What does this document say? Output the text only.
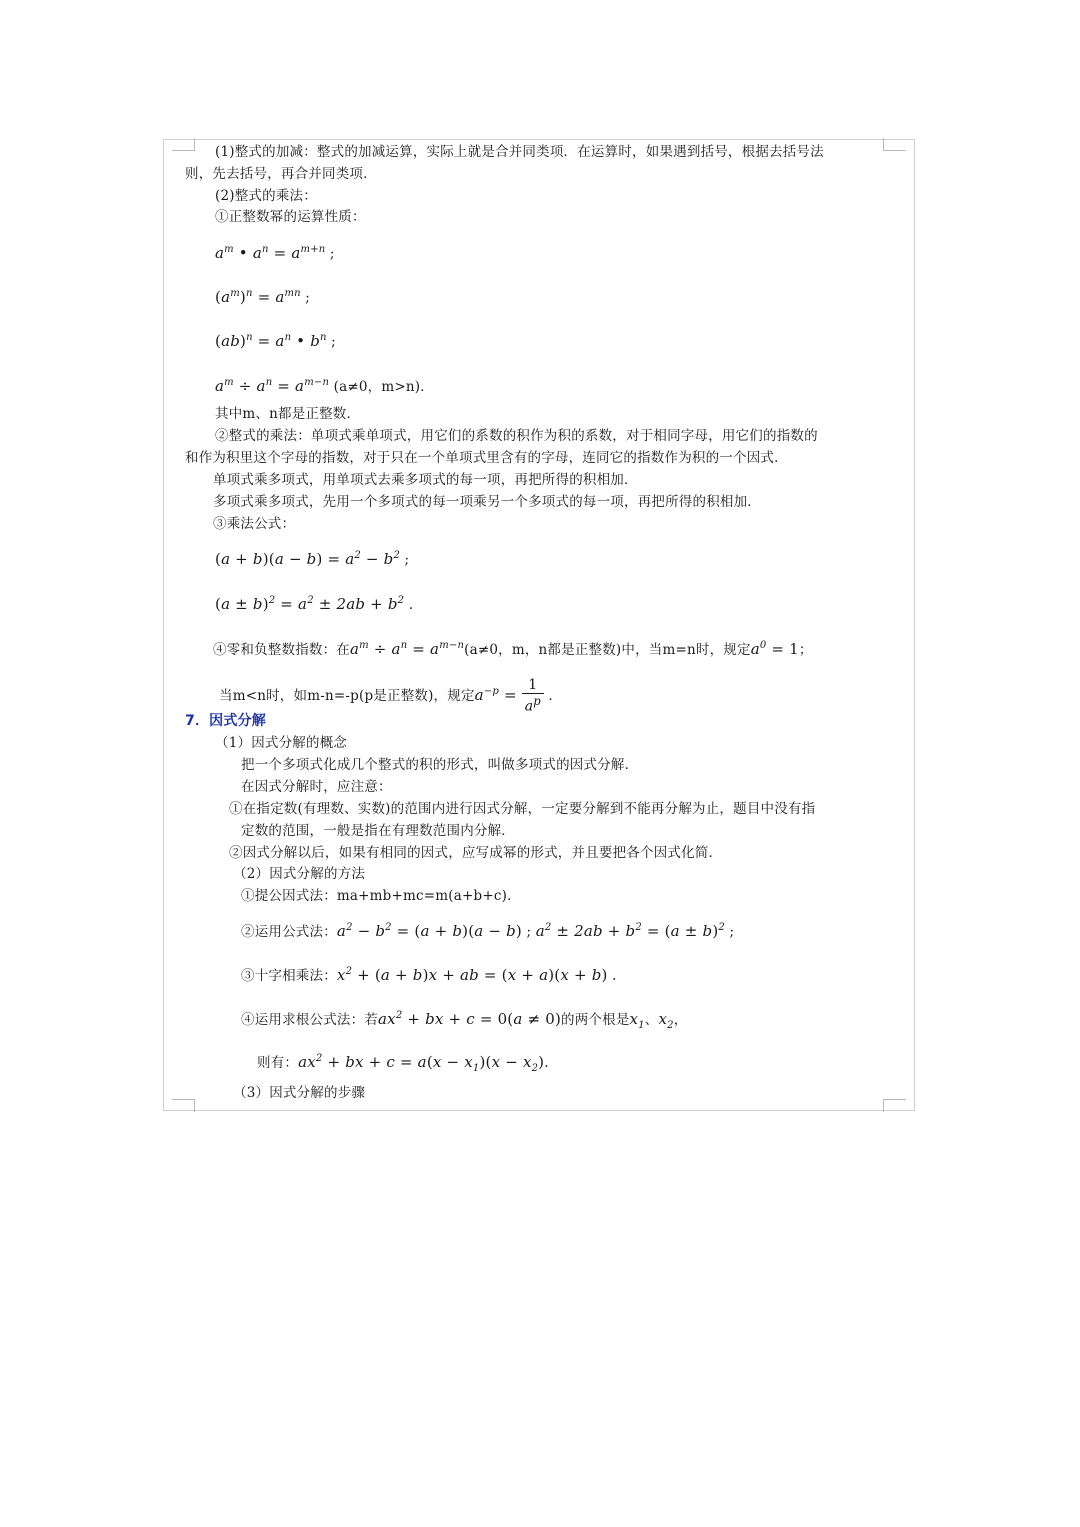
(1)整式的加减：整式的加减运算，实际上就是合并同类项．在运算时，如果遇到括号，根据去括号法
则，先去括号，再合并同类项．
(2)整式的乘法：
①正整数幂的运算性质：
$a^m$ • $a^n = a^{m+n}$ ;
$(a^m)^n = a^{mn}$ ;
$(ab)^n = a^n$ • $b^n$ ;
$a^m \div a^n = a^{m-n}$ (a≠0，m>n)．
其中m、n都是正整数．
②整式的乘法：单项式乘单项式，用它们的系数的积作为积的系数，对于相同字母，用它们的指数的
和作为积里这个字母的指数，对于只在一个单项式里含有的字母，连同它的指数作为积的一个因式．
单项式乘多项式，用单项式去乘多项式的每一项，再把所得的积相加．
多项式乘多项式，先用一个多项式的每一项乘另一个多项式的每一项，再把所得的积相加．
③乘法公式：
$(a + b)(a - b) = a^2 - b^2$ ;
$(a \pm b)^2 = a^2 \pm 2ab + b^2$ .
④零和负整数指数：在$a^m \div a^n = a^{m-n}(a\ne 0$，m，n都是正整数)中，当m=n时，规定$a^0 = 1$；
当m<n时，如m-n=-p(p是正整数)，规定$a^{-p} = \frac{1}{a^p}$ ．
7．因式分解
（1）因式分解的概念
把一个多项式化成几个整式的积的形式，叫做多项式的因式分解．
在因式分解时，应注意：
①在指定数(有理数、实数)的范围内进行因式分解，一定要分解到不能再分解为止，题目中没有指
定数的范围，一般是指在有理数范围内分解．
②因式分解以后，如果有相同的因式，应写成幂的形式，并且要把各个因式化简．
（2）因式分解的方法
①提公因式法：ma+mb+mc=m(a+b+c)．
②运用公式法：$a^2 - b^2 = (a + b)(a - b)$ ; $a^2 \pm 2ab + b^2 = (a \pm b)^2$ ;
③十字相乘法：$x^2 + (a + b)x$ + ab = (x + a)(x + b) .
④运用求根公式法：若$ax^2$ + bx + c = 0(a ≠ 0)的两个根是$x_1$、$x_2$，
则有：$ax^2$ + bx + $c = a(x - x_1)(x - x_2)$.
（3）因式分解的步骤
